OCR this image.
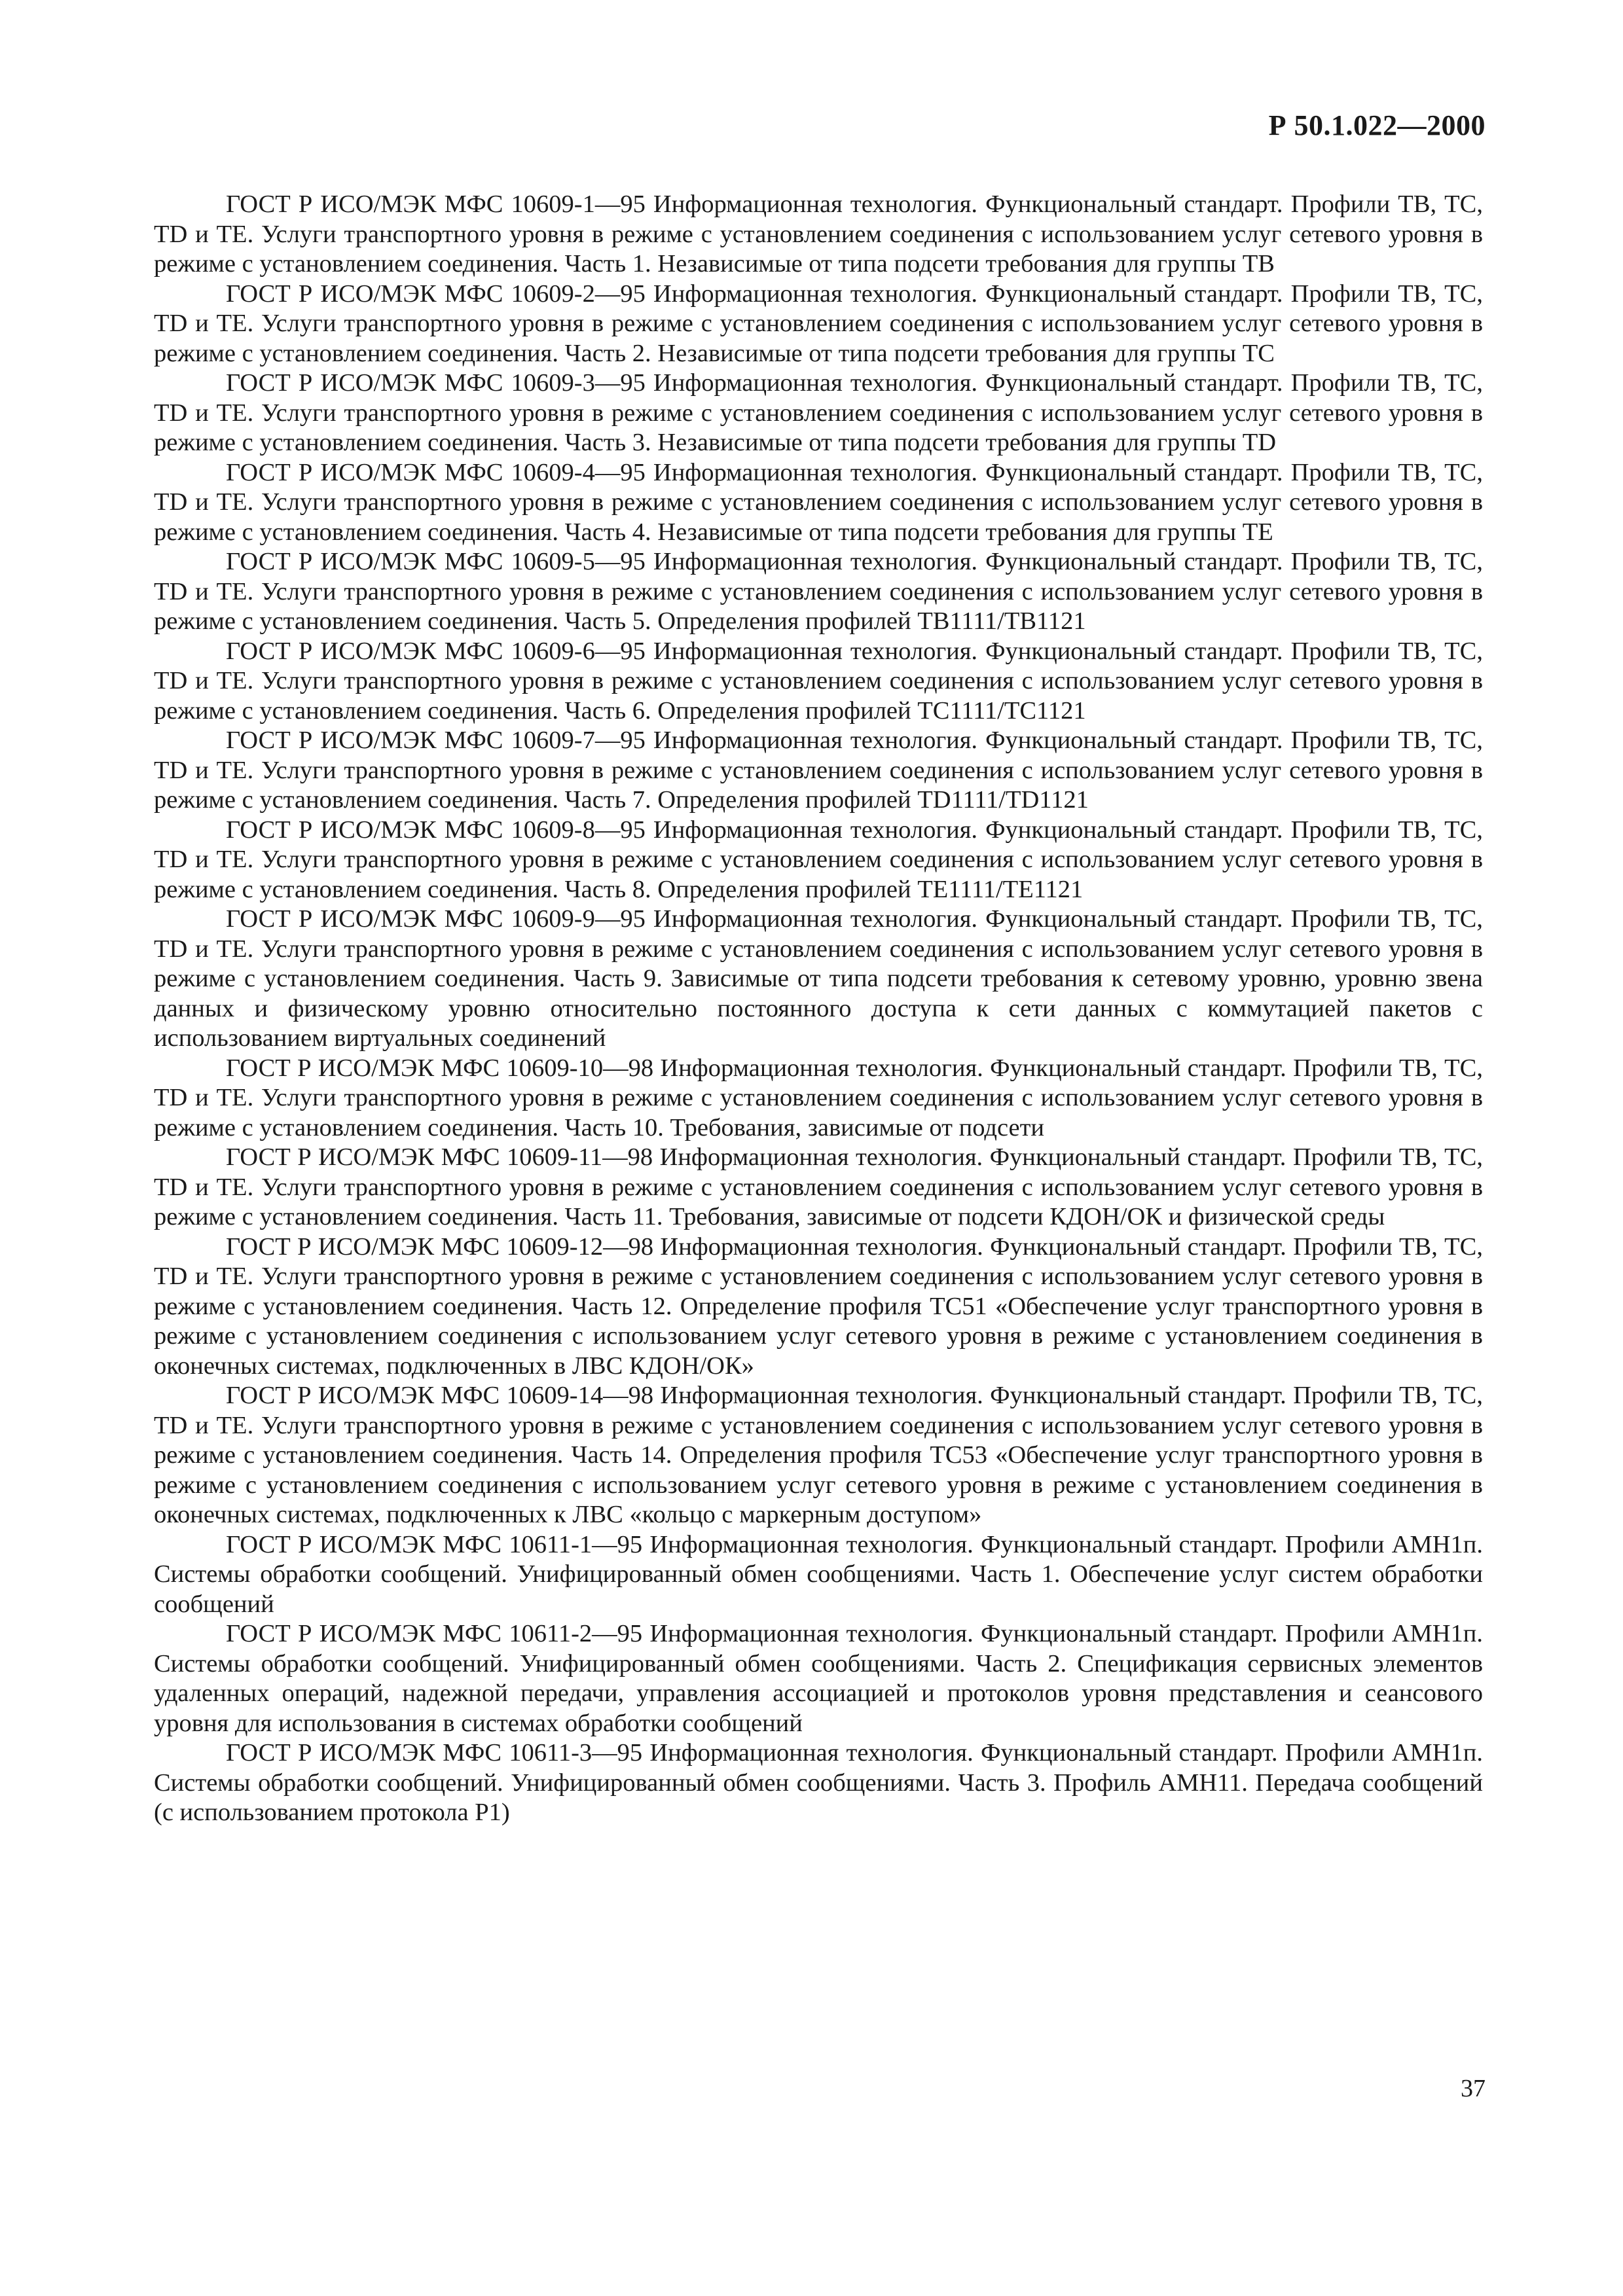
Р 50.1.022—2000

ГОСТ Р ИСО/МЭК МФС 10609-1—95 Информационная технология. Функциональный стандарт. Профили ТВ, ТС, TD и ТЕ. Услуги транспортного уровня в режиме с установлением соединения с использованием услуг сетевого уровня в режиме с установлением соединения. Часть 1. Независимые от типа подсети требования для группы ТВ

ГОСТ Р ИСО/МЭК МФС 10609-2—95 Информационная технология. Функциональный стандарт. Профили ТВ, ТС, TD и ТЕ. Услуги транспортного уровня в режиме с установлением соединения с использованием услуг сетевого уровня в режиме с установлением соединения. Часть 2. Независимые от типа подсети требования для группы ТС

ГОСТ Р ИСО/МЭК МФС 10609-3—95 Информационная технология. Функциональный стандарт. Профили ТВ, ТС, TD и ТЕ. Услуги транспортного уровня в режиме с установлением соединения с использованием услуг сетевого уровня в режиме с установлением соединения. Часть 3. Независимые от типа подсети требования для группы TD

ГОСТ Р ИСО/МЭК МФС 10609-4—95 Информационная технология. Функциональный стандарт. Профили ТВ, ТС, TD и ТЕ. Услуги транспортного уровня в режиме с установлением соединения с использованием услуг сетевого уровня в режиме с установлением соединения. Часть 4. Независимые от типа подсети требования для группы ТЕ

ГОСТ Р ИСО/МЭК МФС 10609-5—95 Информационная технология. Функциональный стандарт. Профили ТВ, ТС, TD и ТЕ. Услуги транспортного уровня в режиме с установлением соединения с использованием услуг сетевого уровня в режиме с установлением соединения. Часть 5. Определения профилей ТВ1111/ТВ1121

ГОСТ Р ИСО/МЭК МФС 10609-6—95 Информационная технология. Функциональный стандарт. Профили ТВ, ТС, TD и ТЕ. Услуги транспортного уровня в режиме с установлением соединения с использованием услуг сетевого уровня в режиме с установлением соединения. Часть 6. Определения профилей ТС1111/ТС1121

ГОСТ Р ИСО/МЭК МФС 10609-7—95 Информационная технология. Функциональный стандарт. Профили ТВ, ТС, TD и ТЕ. Услуги транспортного уровня в режиме с установлением соединения с использованием услуг сетевого уровня в режиме с установлением соединения. Часть 7. Определения профилей TD1111/TD1121

ГОСТ Р ИСО/МЭК МФС 10609-8—95 Информационная технология. Функциональный стандарт. Профили ТВ, ТС, TD и ТЕ. Услуги транспортного уровня в режиме с установлением соединения с использованием услуг сетевого уровня в режиме с установлением соединения. Часть 8. Определения профилей ТЕ1111/ТЕ1121

ГОСТ Р ИСО/МЭК МФС 10609-9—95 Информационная технология. Функциональный стандарт. Профили ТВ, ТС, TD и ТЕ. Услуги транспортного уровня в режиме с установлением соединения с использованием услуг сетевого уровня в режиме с установлением соединения. Часть 9. Зависимые от типа подсети требования к сетевому уровню, уровню звена данных и физическому уровню относительно постоянного доступа к сети данных с коммутацией пакетов с использованием виртуальных соединений

ГОСТ Р ИСО/МЭК МФС 10609-10—98 Информационная технология. Функциональный стандарт. Профили ТВ, ТС, TD и ТЕ. Услуги транспортного уровня в режиме с установлением соединения с использованием услуг сетевого уровня в режиме с установлением соединения. Часть 10. Требования, зависимые от подсети

ГОСТ Р ИСО/МЭК МФС 10609-11—98 Информационная технология. Функциональный стандарт. Профили ТВ, ТС, TD и ТЕ. Услуги транспортного уровня в режиме с установлением соединения с использованием услуг сетевого уровня в режиме с установлением соединения. Часть 11. Требования, зависимые от подсети КДОН/ОК и физической среды

ГОСТ Р ИСО/МЭК МФС 10609-12—98 Информационная технология. Функциональный стандарт. Профили ТВ, ТС, TD и ТЕ. Услуги транспортного уровня в режиме с установлением соединения с использованием услуг сетевого уровня в режиме с установлением соединения. Часть 12. Определение профиля ТС51 «Обеспечение услуг транспортного уровня в режиме с установлением соединения с использованием услуг сетевого уровня в режиме с установлением соединения в оконечных системах, подключенных в ЛВС КДОН/ОК»

ГОСТ Р ИСО/МЭК МФС 10609-14—98 Информационная технология. Функциональный стандарт. Профили ТВ, ТС, TD и ТЕ. Услуги транспортного уровня в режиме с установлением соединения с использованием услуг сетевого уровня в режиме с установлением соединения. Часть 14. Определения профиля ТС53 «Обеспечение услуг транспортного уровня в режиме с установлением соединения с использованием услуг сетевого уровня в режиме с установлением соединения в оконечных системах, подключенных к ЛВС «кольцо с маркерным доступом»

ГОСТ Р ИСО/МЭК МФС 10611-1—95 Информационная технология. Функциональный стандарт. Профили АМН1п. Системы обработки сообщений. Унифицированный обмен сообщениями. Часть 1. Обеспечение услуг систем обработки сообщений

ГОСТ Р ИСО/МЭК МФС 10611-2—95 Информационная технология. Функциональный стандарт. Профили АМН1п. Системы обработки сообщений. Унифицированный обмен сообщениями. Часть 2. Спецификация сервисных элементов удаленных операций, надежной передачи, управления ассоциацией и протоколов уровня представления и сеансового уровня для использования в системах обработки сообщений

ГОСТ Р ИСО/МЭК МФС 10611-3—95 Информационная технология. Функциональный стандарт. Профили АМН1п. Системы обработки сообщений. Унифицированный обмен сообщениями. Часть 3. Профиль АМН11. Передача сообщений (с использованием протокола Р1)

37
